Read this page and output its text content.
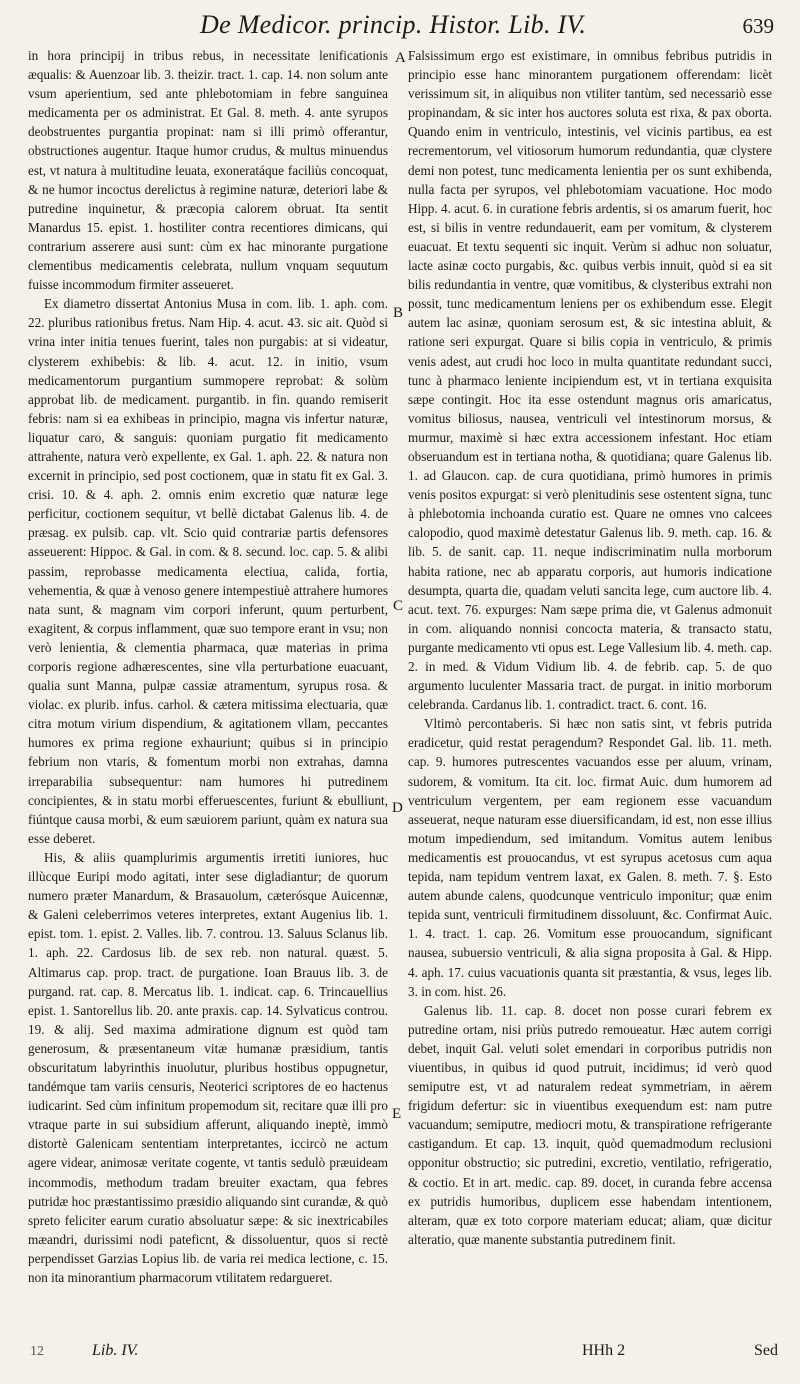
De Medicor. princip. Histor. Lib. IV.	639

in hora principij in tribus rebus, in necessitate lenificationis æqualis: & Auenzoar lib. 3. theizir. tract. 1. cap. 14. non solum ante vsum aperientium, sed ante phlebotomiam in febre sanguinea medicamenta per os administrat. Et Gal. 8. meth. 4. ante syrupos deobstruentes purgantia propinat: nam si illi primò offerantur, obstructiones augentur. Itaque humor crudus, & multus minuendus est, vt natura à multitudine leuata, exoneratáque faciliùs concoquat, & ne humor incoctus derelictus à regimine naturæ, deteriori labe & putredine inquinetur, & præcopia calorem obruat. Ita sentit Manardus 15. epist. 1. hostiliter contra recentiores dimicans, qui contrarium asserere ausi sunt: cùm ex hac minorante purgatione clementibus medicamentis celebrata, nullum vnquam sequutum fuisse incommodum firmiter asseueret.

Ex diametro dissertat Antonius Musa in com. lib. 1. aph. com. 22. pluribus rationibus fretus. Nam Hip. 4. acut. 43. sic ait. Quòd si vrina inter initia tenues fuerint, tales non purgabis: at si videatur, clysterem exhibebis: & lib. 4. acut. 12. in initio, vsum medicamentorum purgantium summopere reprobat: & solùm approbat lib. de medicament. purgantib. in fin. quando remiserit febris: nam si ea exhibeas in principio, magna vis infertur naturæ, liquatur caro, & sanguis: quoniam purgatio fit medicamento attrahente, natura verò expellente, ex Gal. 1. aph. 22. & natura non excernit in principio, sed post coctionem, quæ in statu fit ex Gal. 3. crisi. 10. & 4. aph. 2. omnis enim excretio quæ naturæ lege perficitur, coctionem sequitur, vt bellè dictabat Galenus lib. 4. de præsag. ex pulsib. cap. vlt. Scio quid contrariæ partis defensores asseuerent: Hippoc. & Gal. in com. & 8. secund. loc. cap. 5. & alibi passim, reprobasse medicamenta electiua, calida, fortia, vehementia, & quæ à venoso genere intempestiuè attrahere humores nata sunt, & magnam vim corpori inferunt, quum perturbent, exagitent, & corpus inflamment, quæ suo tempore erant in vsu; non verò lenientia, & clementia pharmaca, quæ materias in prima corporis regione adhærescentes, sine vlla perturbatione euacuant, qualia sunt Manna, pulpæ cassiæ atramentum, syrupus rosa. & violac. ex plurib. infus. carhol. & cætera mitissima electuaria, quæ citra motum virium dispendium, & agitationem vllam, peccantes humores ex prima regione exhauriunt; quibus si in principio febrium non vtaris, & fomentum morbi non extrahas, damna irreparabilia subsequentur: nam humores hi putredinem concipientes, & in statu morbi efferuescentes, furiunt & ebulliunt, fiúntque causa morbi, & eum sæuiorem pariunt, quàm ex natura sua esse deberet.

His, & aliis quamplurimis argumentis irretiti iuniores, huc illùcque Euripi modo agitati, inter sese digladiantur; de quorum numero præter Manardum, & Brasauolum, cæterósque Auicennæ, & Galeni celeberrimos veteres interpretes, extant Augenius lib. 1. epist. tom. 1. epist. 2. Valles. lib. 7. controu. 13. Saluus Sclanus lib. 1. aph. 22. Cardosus lib. de sex reb. non natural. quæst. 5. Altimarus cap. prop. tract. de purgatione. Ioan Brauus lib. 3. de purgand. rat. cap. 8. Mercatus lib. 1. indicat. cap. 6. Trincauellius epist. 1. Santorellus lib. 20. ante praxis. cap. 14. Sylvaticus controu. 19. & alij. Sed maxima admiratione dignum est quòd tam generosum, & præsentaneum vitæ humanæ præsidium, tantis obscuritatum labyrinthis inuolutur, pluribus hostibus oppugnetur, tandémque tam variis censuris, Neoterici scriptores de eo hactenus iudicarint. Sed cùm infinitum propemodum sit, recitare quæ illi pro vtraque parte in sui subsidium afferunt, aliquando ineptè, immò distortè Galenicam sententiam interpretantes, iccircò ne actum agere videar, animosæ veritate cogente, vt tantis sedulò præuideam incommodis, methodum tradam breuiter exactam, qua febres putridæ hoc præstantissimo præsidio aliquando sint curandæ, & quò spreto feliciter earum curatio absoluatur sæpe: & sic inextricabiles mæandri, durissimi nodi pateficnt, & dissoluentur, quos si rectè perpendisset Garzias Lopius lib. de varia rei medica lectione, c. 15. non ita minorantium pharmacorum vtilitatem redargueret.

A
B
C
D
E

Falsissimum ergo est existimare, in omnibus febribus putridis in principio esse hanc minorantem purgationem offerendam: licèt verissimum sit, in aliquibus non vtiliter tantùm, sed necessariò esse propinandam, & sic inter hos auctores soluta est rixa, & pax oborta. Quando enim in ventriculo, intestinis, vel vicinis partibus, ea est recrementorum, vel vitiosorum humorum redundantia, quæ clystere demi non potest, tunc medicamenta lenientia per os sunt exhibenda, nulla facta per syrupos, vel phlebotomiam vacuatione. Hoc modo Hipp. 4. acut. 6. in curatione febris ardentis, si os amarum fuerit, hoc est, si bilis in ventre redundauerit, eam per vomitum, & clysterem euacuat. Et textu sequenti sic inquit. Verùm si adhuc non soluatur, lacte asinæ cocto purgabis, &c. quibus verbis innuit, quòd si ea sit bilis redundantia in ventre, quæ vomitibus, & clysteribus extrahi non possit, tunc medicamentum leniens per os exhibendum esse. Elegit autem lac asinæ, quoniam serosum est, & sic intestina abluit, & ratione seri expurgat. Quare si bilis copia in ventriculo, & primis venis adest, aut crudi hoc loco in multa quantitate redundant succi, tunc à pharmaco leniente incipiendum est, vt in tertiana exquisita sæpe contingit. Hoc ita esse ostendunt magnus oris amaricatus, vomitus biliosus, nausea, ventriculi vel intestinorum morsus, & murmur, maximè si hæc extra accessionem infestant. Hoc etiam obseruandum est in tertiana notha, & quotidiana; quare Galenus lib. 1. ad Glaucon. cap. de cura quotidiana, primò humores in primis venis positos expurgat: si verò plenitudinis sese ostentent signa, tunc à phlebotomia inchoanda curatio est. Quare ne omnes vno calcees calopodio, quod maximè detestatur Galenus lib. 9. meth. cap. 16. & lib. 5. de sanit. cap. 11. neque indiscriminatim nulla morborum habita ratione, nec ab apparatu corporis, aut humoris indicatione desumpta, quarta die, quadam veluti sancita lege, cum auctore lib. 4. acut. text. 76. expurges: Nam sæpe prima die, vt Galenus admonuit in com. aliquando nonnisi concocta materia, & transacto statu, purgante medicamento vti opus est. Lege Vallesium lib. 4. meth. cap. 2. in med. & Vidum Vidium lib. 4. de febrib. cap. 5. de quo argumento luculenter Massaria tract. de purgat. in initio morborum celebranda. Cardanus lib. 1. contradict. tract. 6. cont. 16.

Vltimò percontaberis. Si hæc non satis sint, vt febris putrida eradicetur, quid restat peragendum? Respondet Gal. lib. 11. meth. cap. 9. humores putrescentes vacuandos esse per aluum, vrinam, sudorem, & vomitum. Ita cit. loc. firmat Auic. dum humorem ad ventriculum vergentem, per eam regionem esse vacuandum asseuerat, neque naturam esse diuersificandam, id est, non esse illius motum impediendum, sed imitandum. Vomitus autem lenibus medicamentis est prouocandus, vt est syrupus acetosus cum aqua tepida, nam tepidum ventrem laxat, ex Galen. 8. meth. 7. §. Esto autem abunde calens, quodcunque ventriculo imponitur; quæ enim tepida sunt, ventriculi firmitudinem dissoluunt, &c. Confirmat Auic. 1. 4. tract. 1. cap. 26. Vomitum esse prouocandum, significant nausea, subuersio ventriculi, & alia signa proposita à Gal. & Hipp. 4. aph. 17. cuius vacuationis quanta sit præstantia, & vsus, leges lib. 3. in com. hist. 26.

Galenus lib. 11. cap. 8. docet non posse curari febrem ex putredine ortam, nisi priùs putredo remoueatur. Hæc autem corrigi debet, inquit Gal. veluti solet emendari in corporibus putridis non viuentibus, in quibus id quod putruit, incidimus; id verò quod semiputre est, vt ad naturalem redeat symmetriam, in aërem frigidum defertur: sic in viuentibus exequendum est: nam putre vacuandum; semiputre, mediocri motu, & transpiratione refrigerante castigandum. Et cap. 13. inquit, quòd quemadmodum reclusioni opponitur obstructio; sic putredini, excretio, ventilatio, refrigeratio, & coctio. Et in art. medic. cap. 89. docet, in curanda febre accensa ex putridis humoribus, duplicem esse habendam intentionem, alteram, quæ ex toto corpore materiam educat; aliam, quæ dicitur alteratio, quæ manente substantia putredinem finit.

12	Lib. IV.	HHh 2	Sed
